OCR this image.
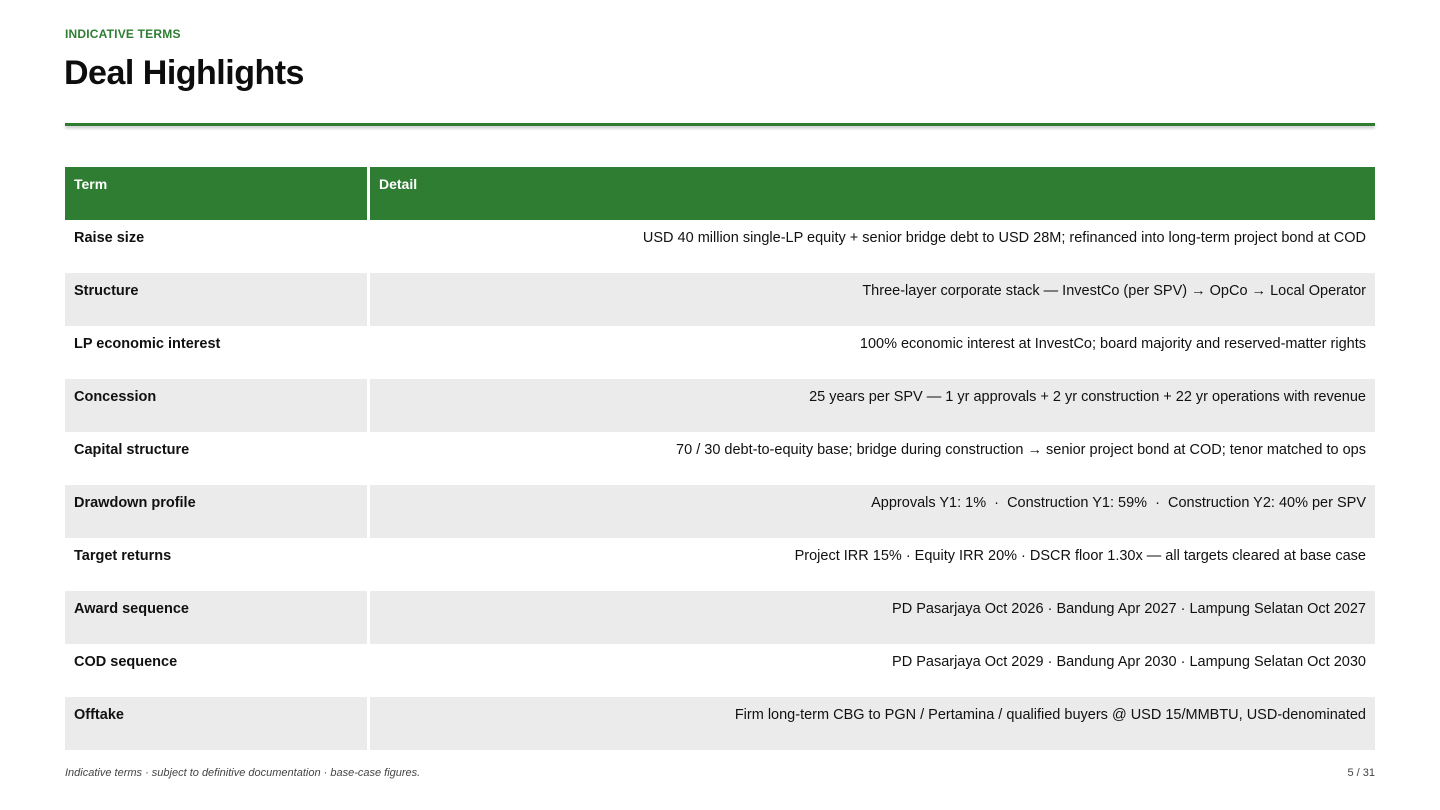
INDICATIVE TERMS
Deal Highlights
Term	Detail
Raise size	USD 40 million single-LP equity + senior bridge debt to USD 28M; refinanced into long-term project bond at COD
Structure	Three-layer corporate stack — InvestCo (per SPV) → OpCo → Local Operator
LP economic interest	100% economic interest at InvestCo; board majority and reserved-matter rights
Concession	25 years per SPV — 1 yr approvals + 2 yr construction + 22 yr operations with revenue
Capital structure	70 / 30 debt-to-equity base; bridge during construction → senior project bond at COD; tenor matched to ops
Drawdown profile	Approvals Y1: 1%  ·  Construction Y1: 59%  ·  Construction Y2: 40% per SPV
Target returns	Project IRR 15% · Equity IRR 20% · DSCR floor 1.30x — all targets cleared at base case
Award sequence	PD Pasarjaya Oct 2026 · Bandung Apr 2027 · Lampung Selatan Oct 2027
COD sequence	PD Pasarjaya Oct 2029 · Bandung Apr 2030 · Lampung Selatan Oct 2030
Offtake	Firm long-term CBG to PGN / Pertamina / qualified buyers @ USD 15/MMBTU, USD-denominated
Indicative terms · subject to definitive documentation · base-case figures.	5 / 31
